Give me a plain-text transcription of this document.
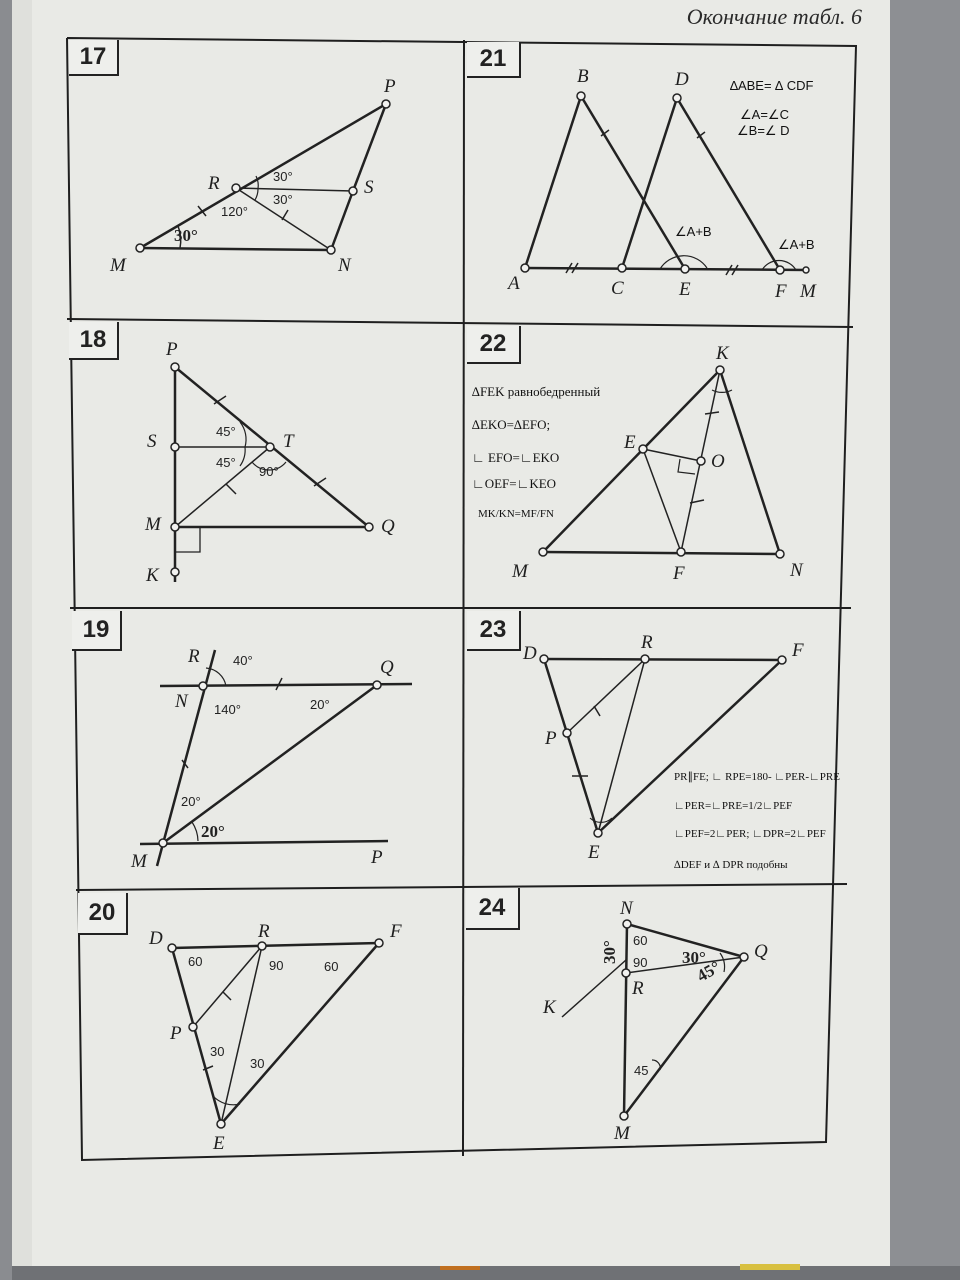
Окончание табл. 6
17	21
18	22
19	23
20	24
P
S
R
M	N
30°
30°
120°
30°
B	D
A	C	E	F M
∆ABE= ∆ CDF
∠A=∠C
∠B=∠ D
∠A+B
∠A+B
P
S	T
M	Q
K
45°
45°
90°
K
E
O
M	F	N
∆FEK равнобедренный
∆EKO=∆EFO;
∟ EFO=∟EKO
∟OEF=∟KEO
MK/KN=MF/FN
R
N
Q
M	P
40°
140°	20°
20°
20°
D
R	F
P
E
PR∥FE; ∟ RPE=180- ∟PER-∟PRE
∟PER=∟PRE=1/2∟PEF
∟PEF=2∟PER; ∟DPR=2∟PEF
∆DEF и ∆ DPR подобны
D	R	F
P
E
60	90	60
30
30
N
Q
R
K
M
60
90
30°	30°
45°
45
